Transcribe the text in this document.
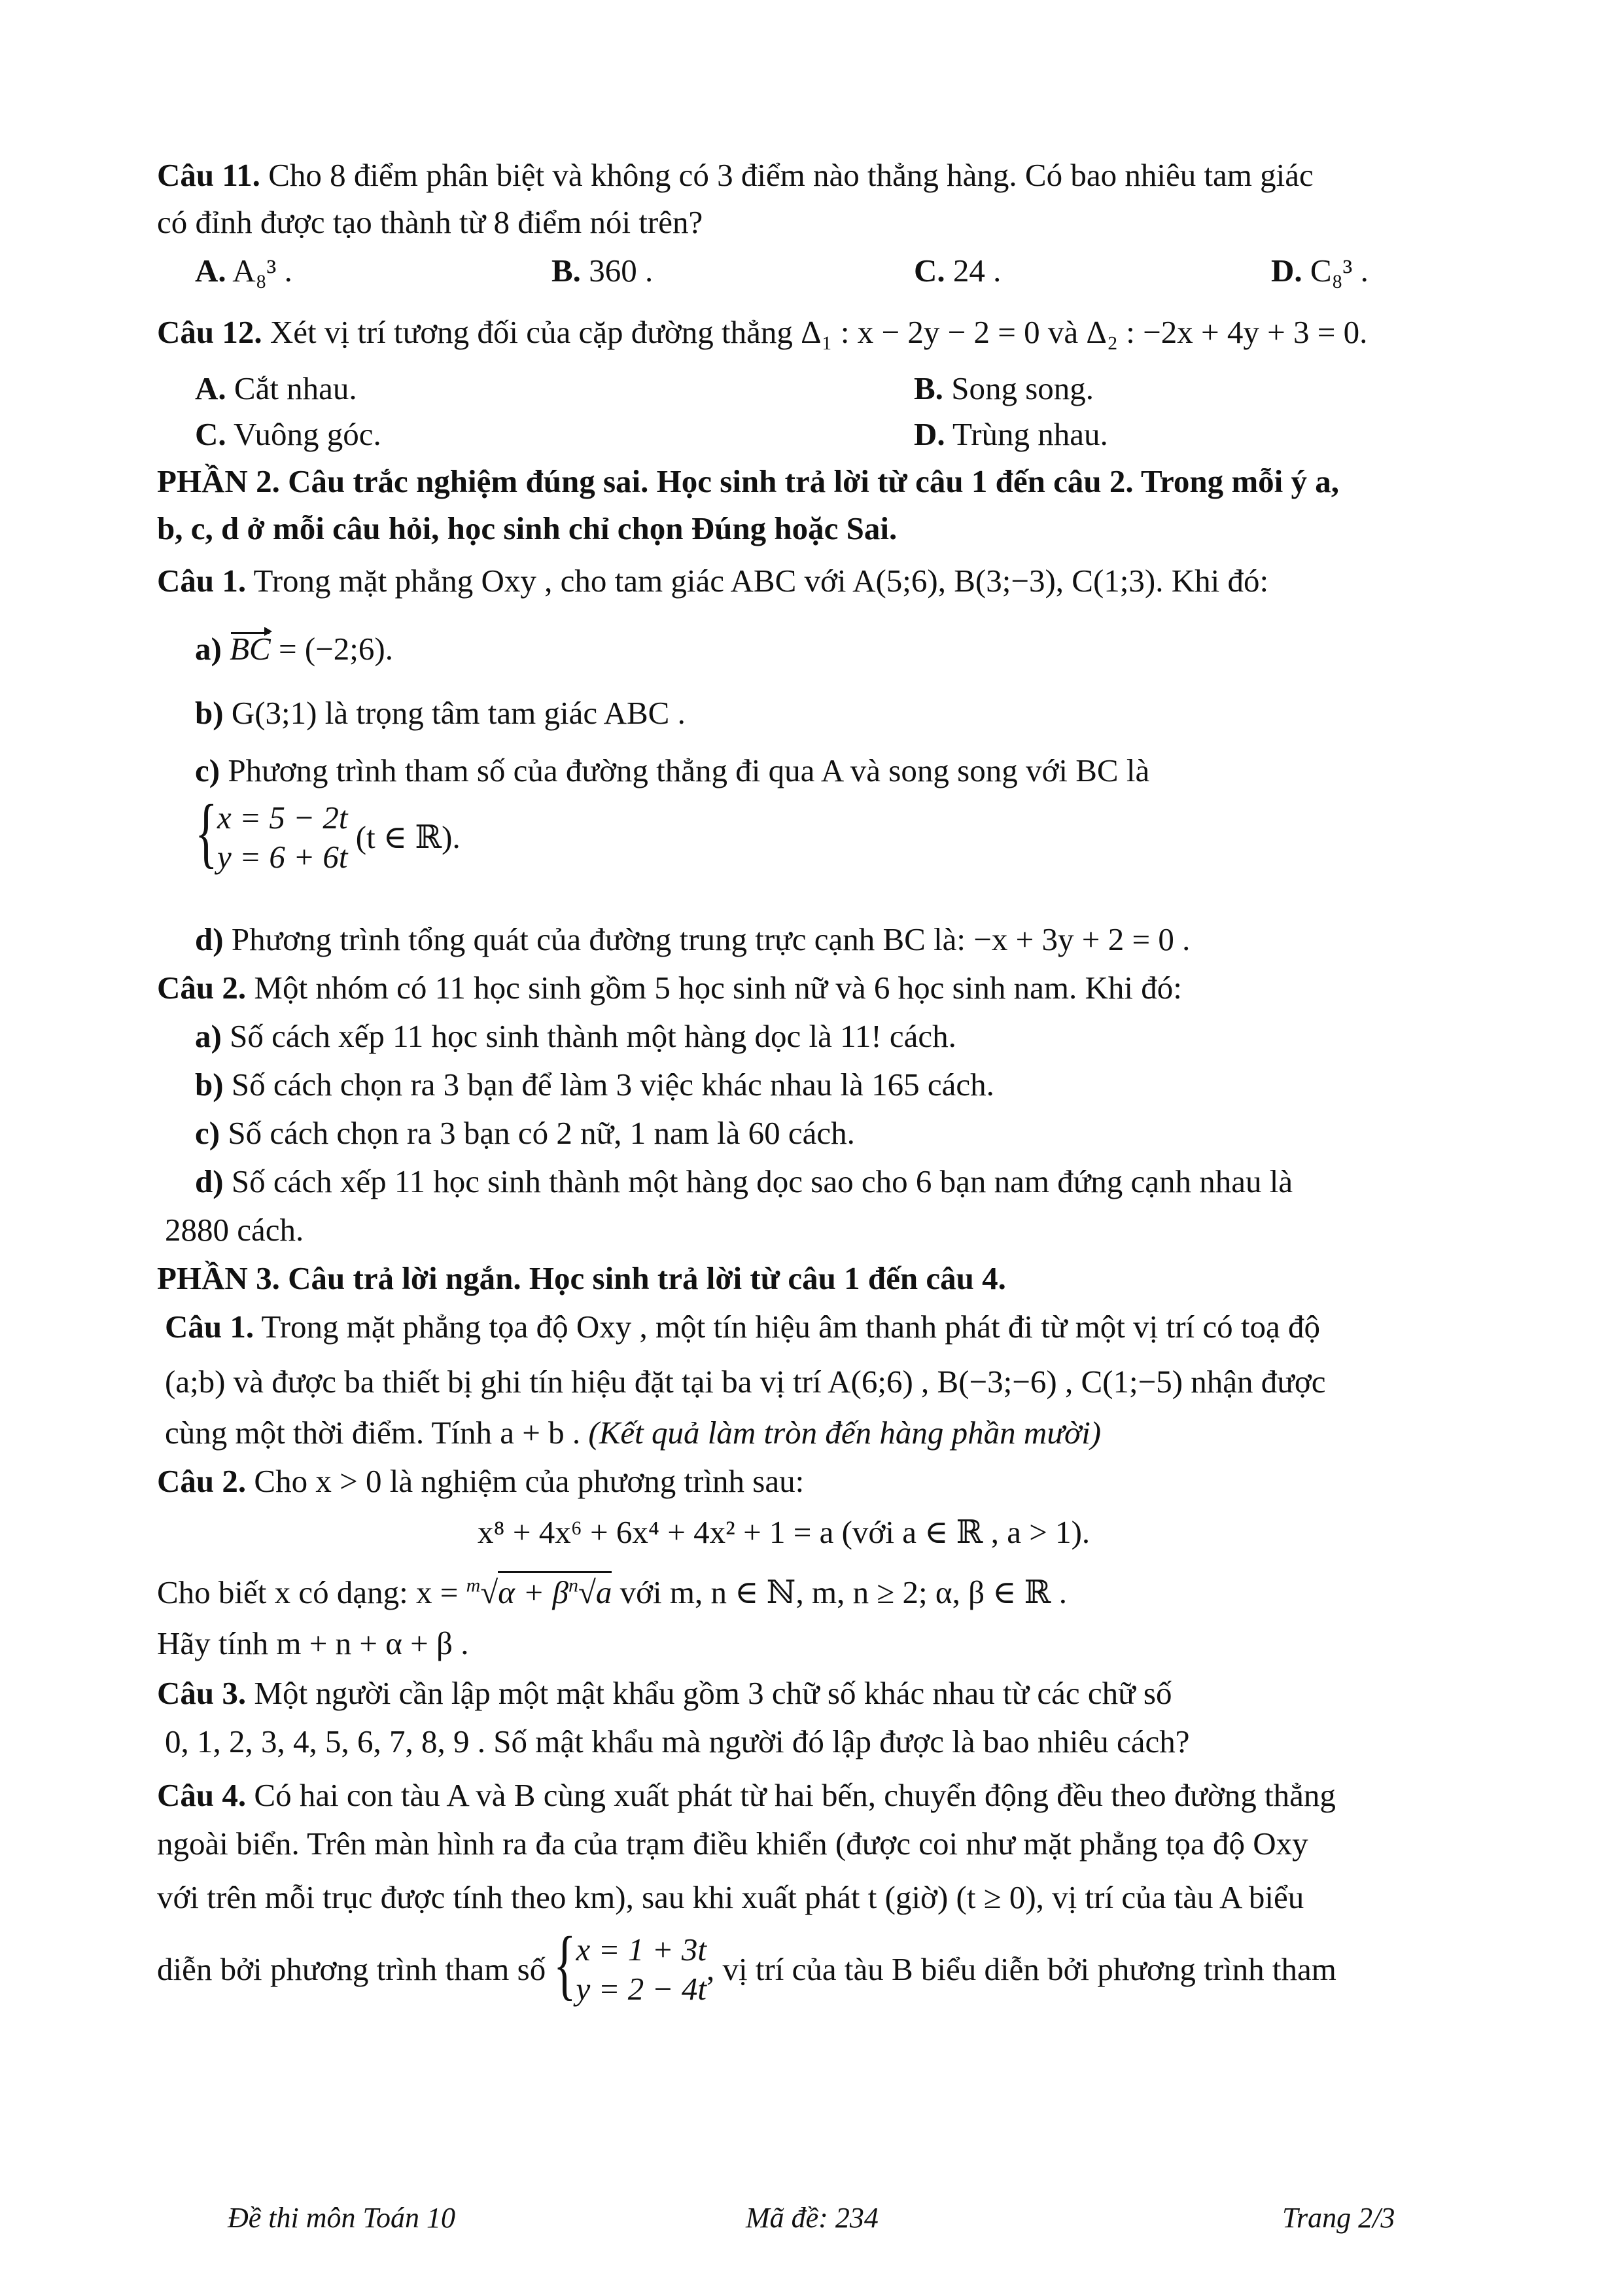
Câu 11. Cho 8 điểm phân biệt và không có 3 điểm nào thẳng hàng. Có bao nhiêu tam giác
có đỉnh được tạo thành từ 8 điểm nói trên?
A. A₈³ .	B. 360 .	C. 24 .	D. C₈³ .
Câu 12. Xét vị trí tương đối của cặp đường thẳng Δ₁ : x − 2y − 2 = 0 và Δ₂ : −2x + 4y + 3 = 0.
A. Cắt nhau.	B. Song song.
C. Vuông góc.	D. Trùng nhau.
PHẦN 2. Câu trắc nghiệm đúng sai. Học sinh trả lời từ câu 1 đến câu 2. Trong mỗi ý a,
b, c, d ở mỗi câu hỏi, học sinh chỉ chọn Đúng hoặc Sai.
Câu 1. Trong mặt phẳng Oxy , cho tam giác ABC với A(5;6), B(3;−3), C(1;3). Khi đó:
a) BC = (−2;6).
b) G(3;1) là trọng tâm tam giác ABC .
c) Phương trình tham số của đường thẳng đi qua A và song song với BC là
{ x = 5 − 2t
y = 6 + 6t
(t ∈ ℝ).
d) Phương trình tổng quát của đường trung trực cạnh BC là: −x + 3y + 2 = 0 .
Câu 2. Một nhóm có 11 học sinh gồm 5 học sinh nữ và 6 học sinh nam. Khi đó:
a) Số cách xếp 11 học sinh thành một hàng dọc là 11! cách.
b) Số cách chọn ra 3 bạn để làm 3 việc khác nhau là 165 cách.
c) Số cách chọn ra 3 bạn có 2 nữ, 1 nam là 60 cách.
d) Số cách xếp 11 học sinh thành một hàng dọc sao cho 6 bạn nam đứng cạnh nhau là
2880 cách.
PHẦN 3. Câu trả lời ngắn. Học sinh trả lời từ câu 1 đến câu 4.
Câu 1. Trong mặt phẳng tọa độ Oxy , một tín hiệu âm thanh phát đi từ một vị trí có toạ độ
(a;b) và được ba thiết bị ghi tín hiệu đặt tại ba vị trí A(6;6) , B(−3;−6) , C(1;−5) nhận được
cùng một thời điểm. Tính a + b . (Kết quả làm tròn đến hàng phần mười)
Câu 2. Cho x > 0 là nghiệm của phương trình sau:
x⁸ + 4x⁶ + 6x⁴ + 4x² + 1 = a (với a ∈ ℝ , a > 1).
Cho biết x có dạng: $x = ^m√\alpha + \beta^n√a$ với m, n ∈ ℕ, m, n ≥ 2; α, β ∈ ℝ .
Hãy tính m + n + α + β .
Câu 3. Một người cần lập một mật khẩu gồm 3 chữ số khác nhau từ các chữ số
0, 1, 2, 3, 4, 5, 6, 7, 8, 9 . Số mật khẩu mà người đó lập được là bao nhiêu cách?
Câu 4. Có hai con tàu A và B cùng xuất phát từ hai bến, chuyển động đều theo đường thẳng
ngoài biển. Trên màn hình ra đa của trạm điều khiển (được coi như mặt phẳng tọa độ Oxy
với trên mỗi trục được tính theo km), sau khi xuất phát t (giờ) (t ≥ 0), vị trí của tàu A biểu
diễn bởi phương trình tham số { x = 1 + 3t
y = 2 − 4t
, vị trí của tàu B biểu diễn bởi phương trình tham
Đề thi môn Toán 10	Mã đề: 234	Trang 2/3
